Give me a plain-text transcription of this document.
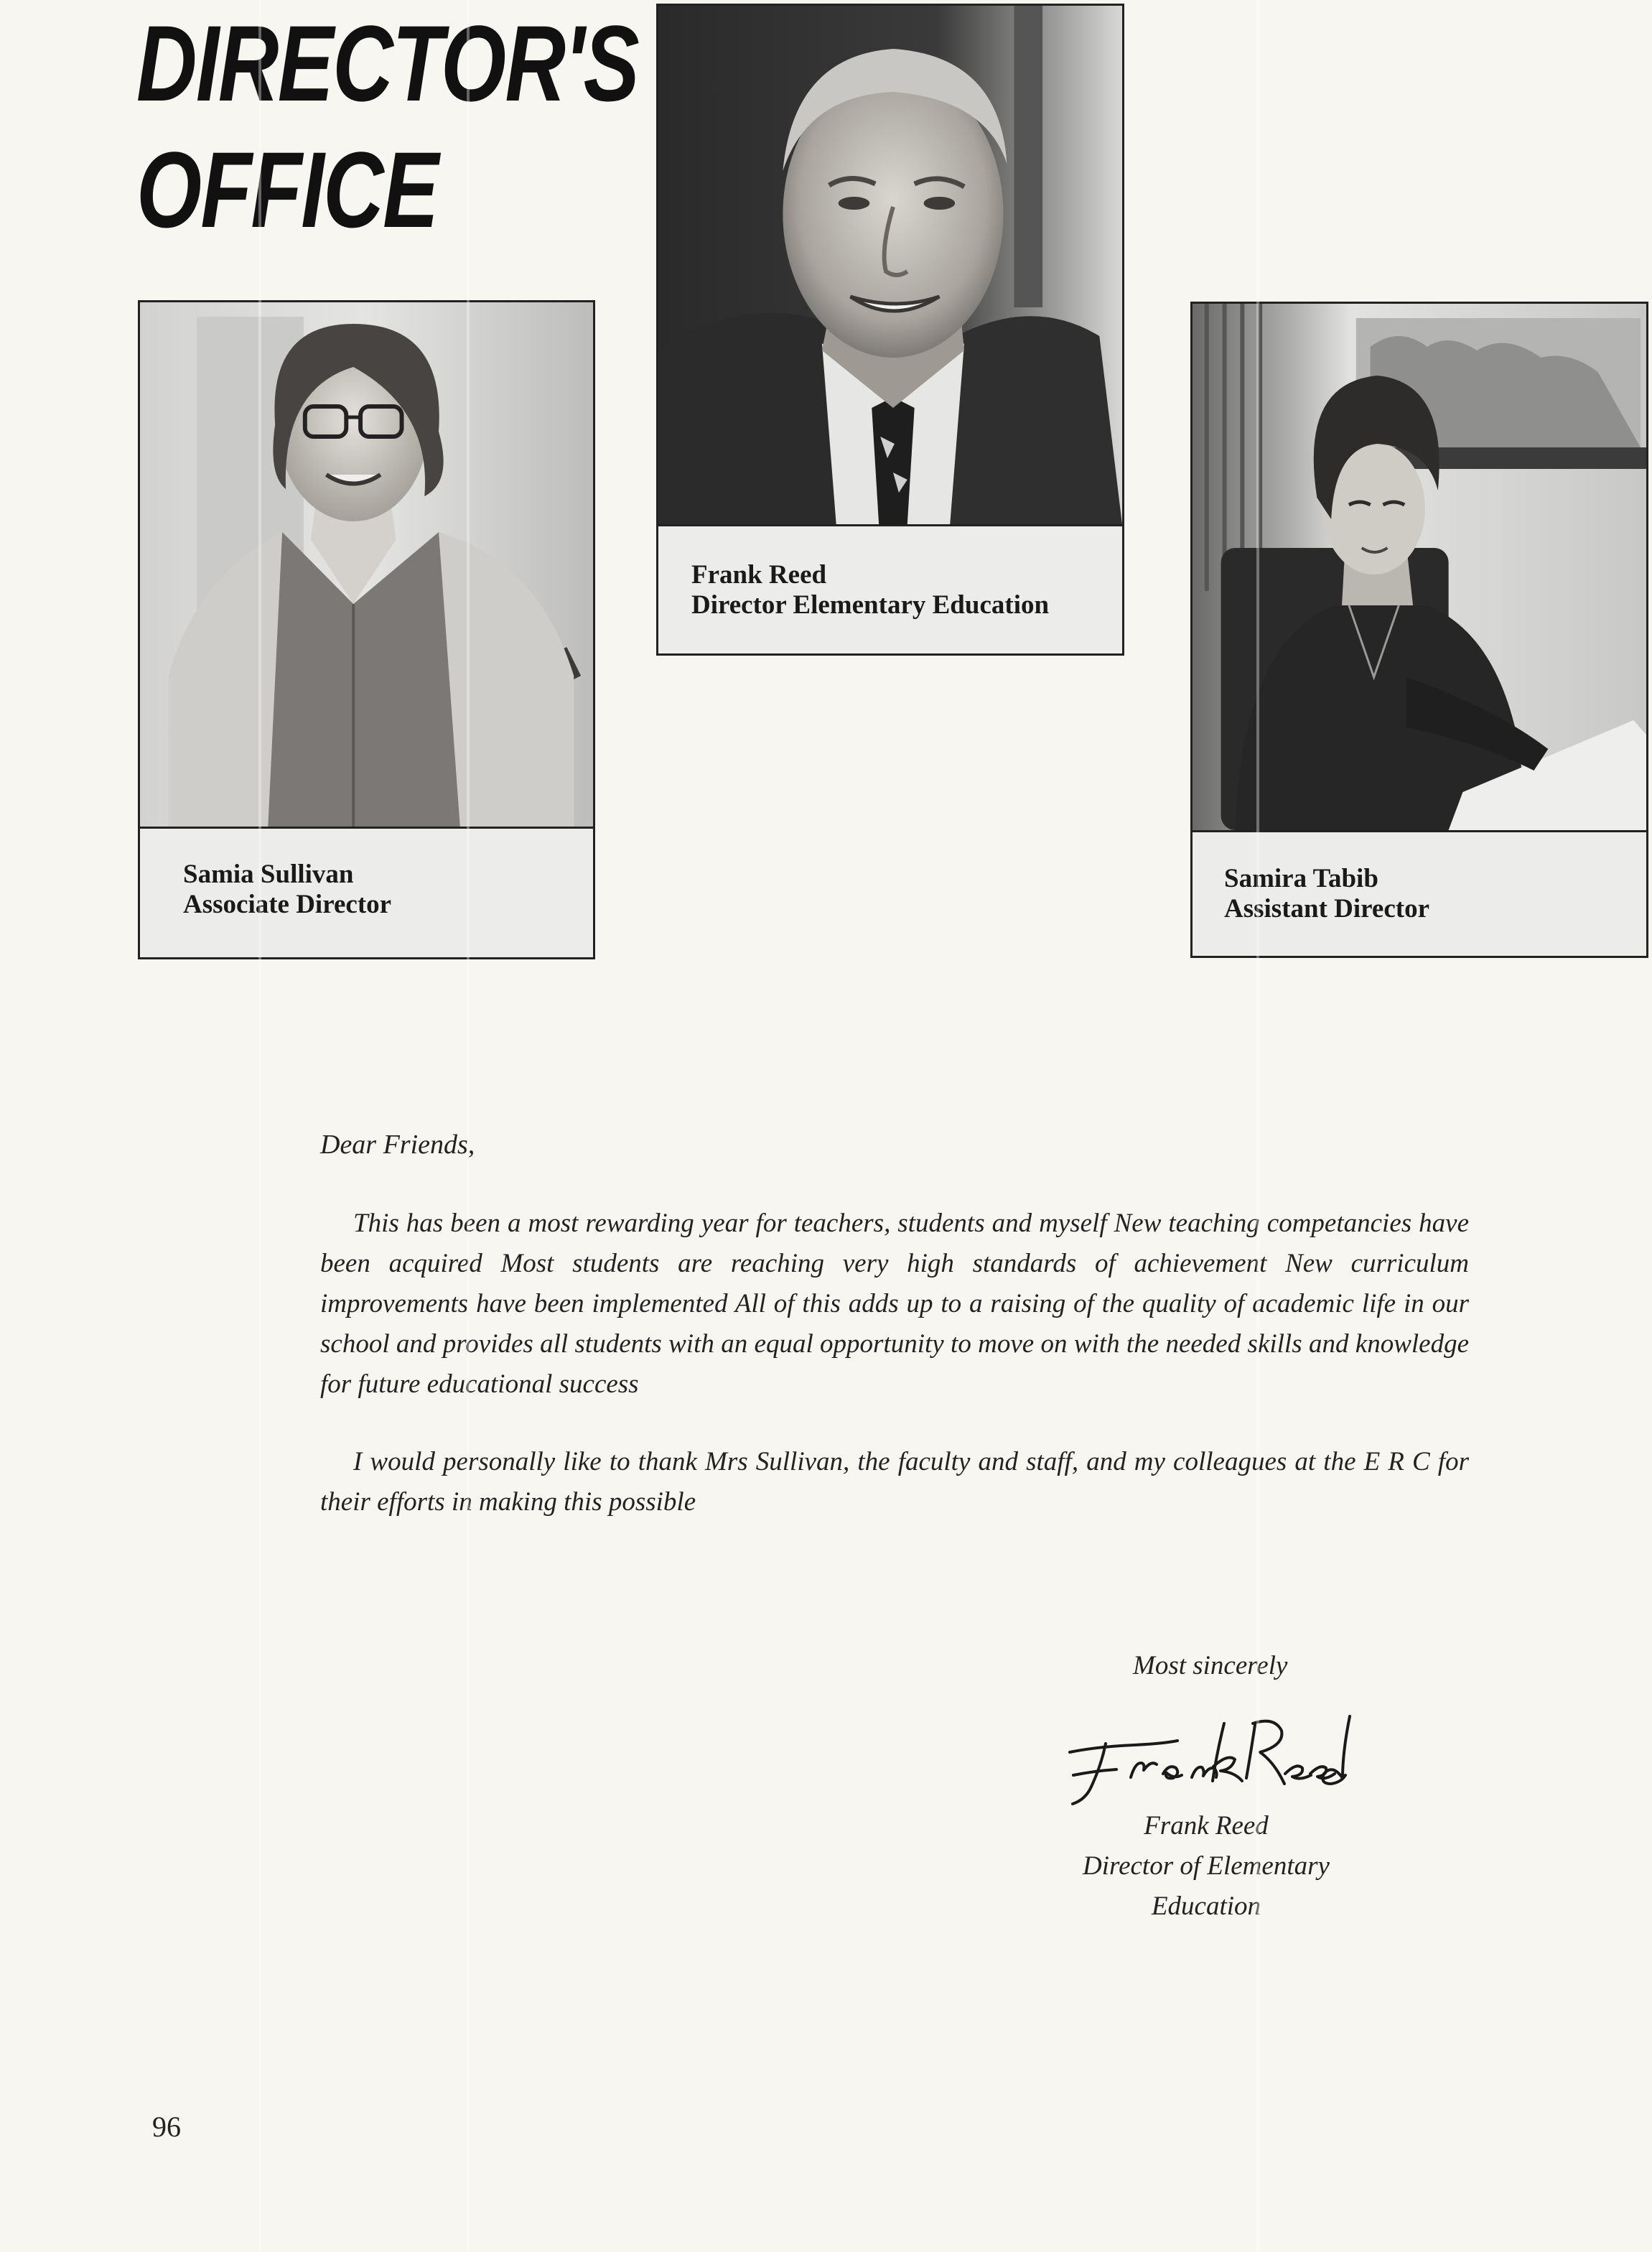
DIRECTOR'S
OFFICE
Frank Reed
Director Elementary Education
Samia Sullivan
Associate Director
Samira Tabib
Assistant Director
Dear Friends,
This has been a most rewarding year for teachers, students and myself New teaching competancies have been acquired Most students are reaching very high standards of achievement New curriculum improvements have been implemented All of this adds up to a raising of the quality of academic life in our school and provides all students with an equal opportunity to move on with the needed skills and knowledge for future educational success
I would personally like to thank Mrs Sullivan, the faculty and staff, and my colleagues at the E R C for their efforts in making this possible
Most sincerely
Frank Reed
Director of Elementary
Education
96
